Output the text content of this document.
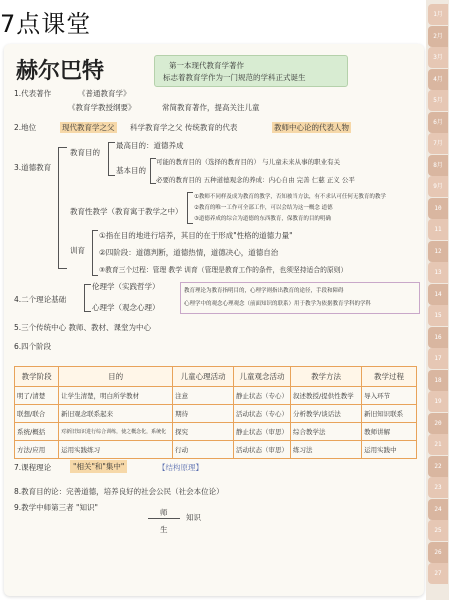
7点课堂
赫尔巴特	第一本现代教育学著作
标志着教育学作为一门规范的学科正式诞生
1.代表著作	《普通教育学》
《教育学教授纲要》	常简教育著作，提高关注儿童
2.地位	现代教育学之父 科学教育学之父 传统教育的代表	教师中心论的代表人物
3.道德教育
教育目的
最高目的：道德养成
基本目的
可能的教育目的（选择的教育目的） 与儿童未来从事的职业有关
必要的教育目的 五种道德观念的养成：内心自由 完善 仁慈 正义 公平
教育性教学（教育寓于教学之中）
①教师不同样及成为教育的教学，否知被当方法，有不求认可任何无教育的教学
②教育的唯一工作可全部工作，可以会结为这一概念 道德
③道德养成的综合为道德的东西教育，保教育的目的明确
训育
①指在目的地进行培养，其目的在于形成"性格的道德力量"
②四阶段：道德判断，道德热情，道德决心，道德自治
③教育三个过程：管理 教学 训育（管理是教育工作的条件，也须坚持适合的原则）
4.二个理论基础
伦理学（实践哲学）
心理学（观念心理）
教育理论为教育指明目的，心理学则指出教育的途径，手段和障碍
心理学中的观念心理观念（前面知识的联系）用于教学为依据教育学科的学科
5.三个传统中心 教师、教材、课堂为中心
6.四个阶段
教学阶段	目的	儿童心理活动	儿童观念活动	教学方法	教学过程
明了/清楚	让学生清楚，明白所学教材	注意	静止状态（专心）	叙述教授/提供性教学	导入环节
联想/联合	新旧观念联系起来	期待	活动状态（专心）	分析教学/谈话法	新旧知识联系
系统/概括	对新旧知识进行综合训练，使之概念化，系统化	探究	静止状态（审思）	综合教学法	教师讲解
方法/应用	运用实践练习	行动	活动状态（审思）	练习法	运用实践中
7.课程理论	"相关"和"集中"	【结构原理】
8.教育目的论：完善道德，培养良好的社会公民（社会本位论）
9.教学中师第三者 "知识"
师
生
知识
1月
2月
3月
4月
5月
6月
7月
8月
9月
10
11
12
13
14
15
16
17
18
19
20
21
22
23
24
25
26
27
